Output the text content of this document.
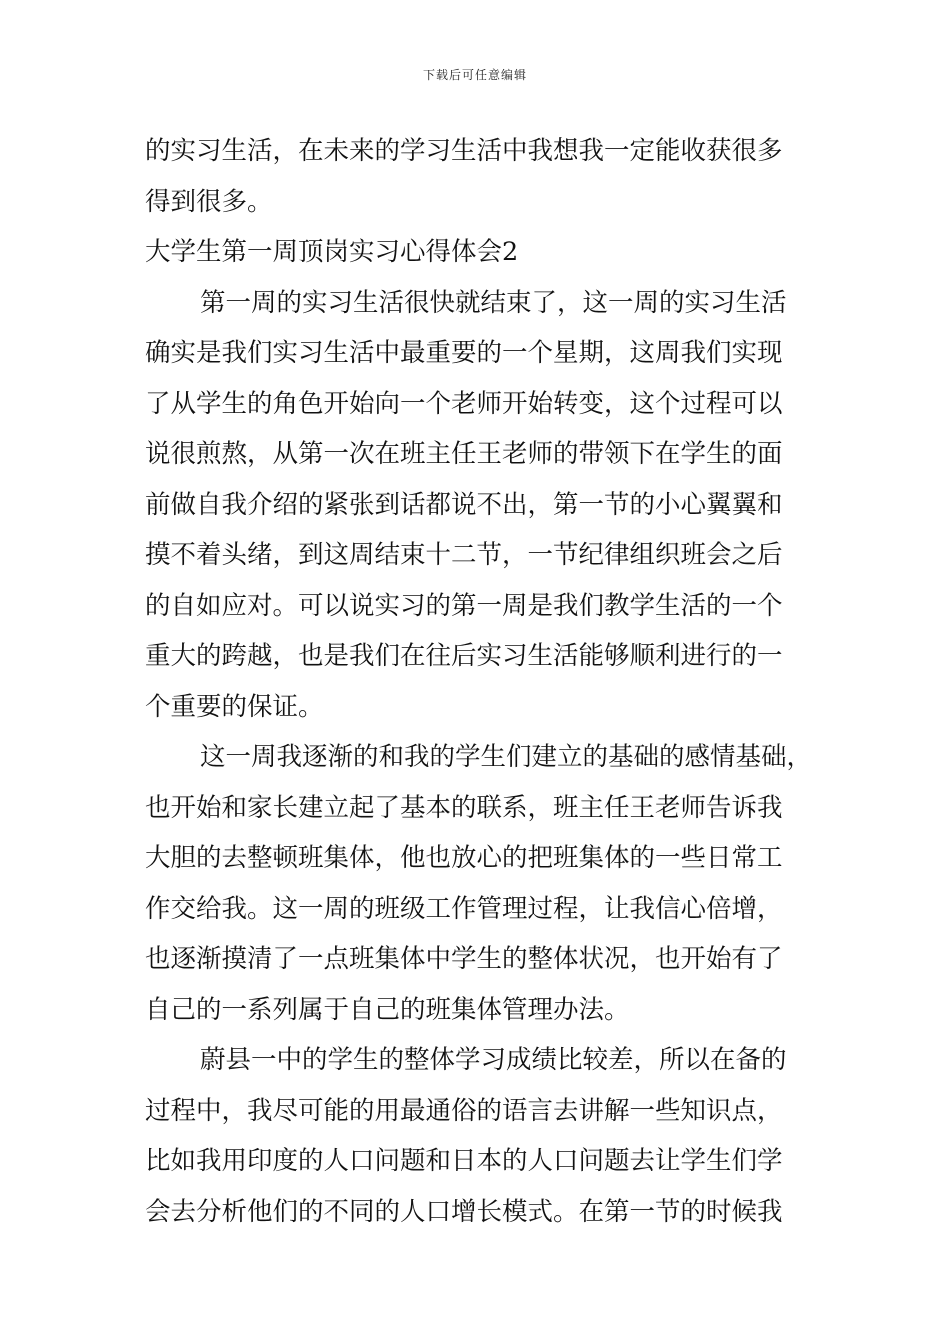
下载后可任意编辑
的实习生活，在未来的学习生活中我想我一定能收获很多
得到很多。
大学生第一周顶岗实习心得体会2
第一周的实习生活很快就结束了，这一周的实习生活
确实是我们实习生活中最重要的一个星期，这周我们实现
了从学生的角色开始向一个老师开始转变，这个过程可以
说很煎熬，从第一次在班主任王老师的带领下在学生的面
前做自我介绍的紧张到话都说不出，第一节的小心翼翼和
摸不着头绪，到这周结束十二节，一节纪律组织班会之后
的自如应对。可以说实习的第一周是我们教学生活的一个
重大的跨越，也是我们在往后实习生活能够顺利进行的一
个重要的保证。
这一周我逐渐的和我的学生们建立的基础的感情基础，
也开始和家长建立起了基本的联系，班主任王老师告诉我
大胆的去整顿班集体，他也放心的把班集体的一些日常工
作交给我。这一周的班级工作管理过程，让我信心倍增，
也逐渐摸清了一点班集体中学生的整体状况，也开始有了
自己的一系列属于自己的班集体管理办法。
蔚县一中的学生的整体学习成绩比较差，所以在备的
过程中，我尽可能的用最通俗的语言去讲解一些知识点，
比如我用印度的人口问题和日本的人口问题去让学生们学
会去分析他们的不同的人口增长模式。在第一节的时候我
